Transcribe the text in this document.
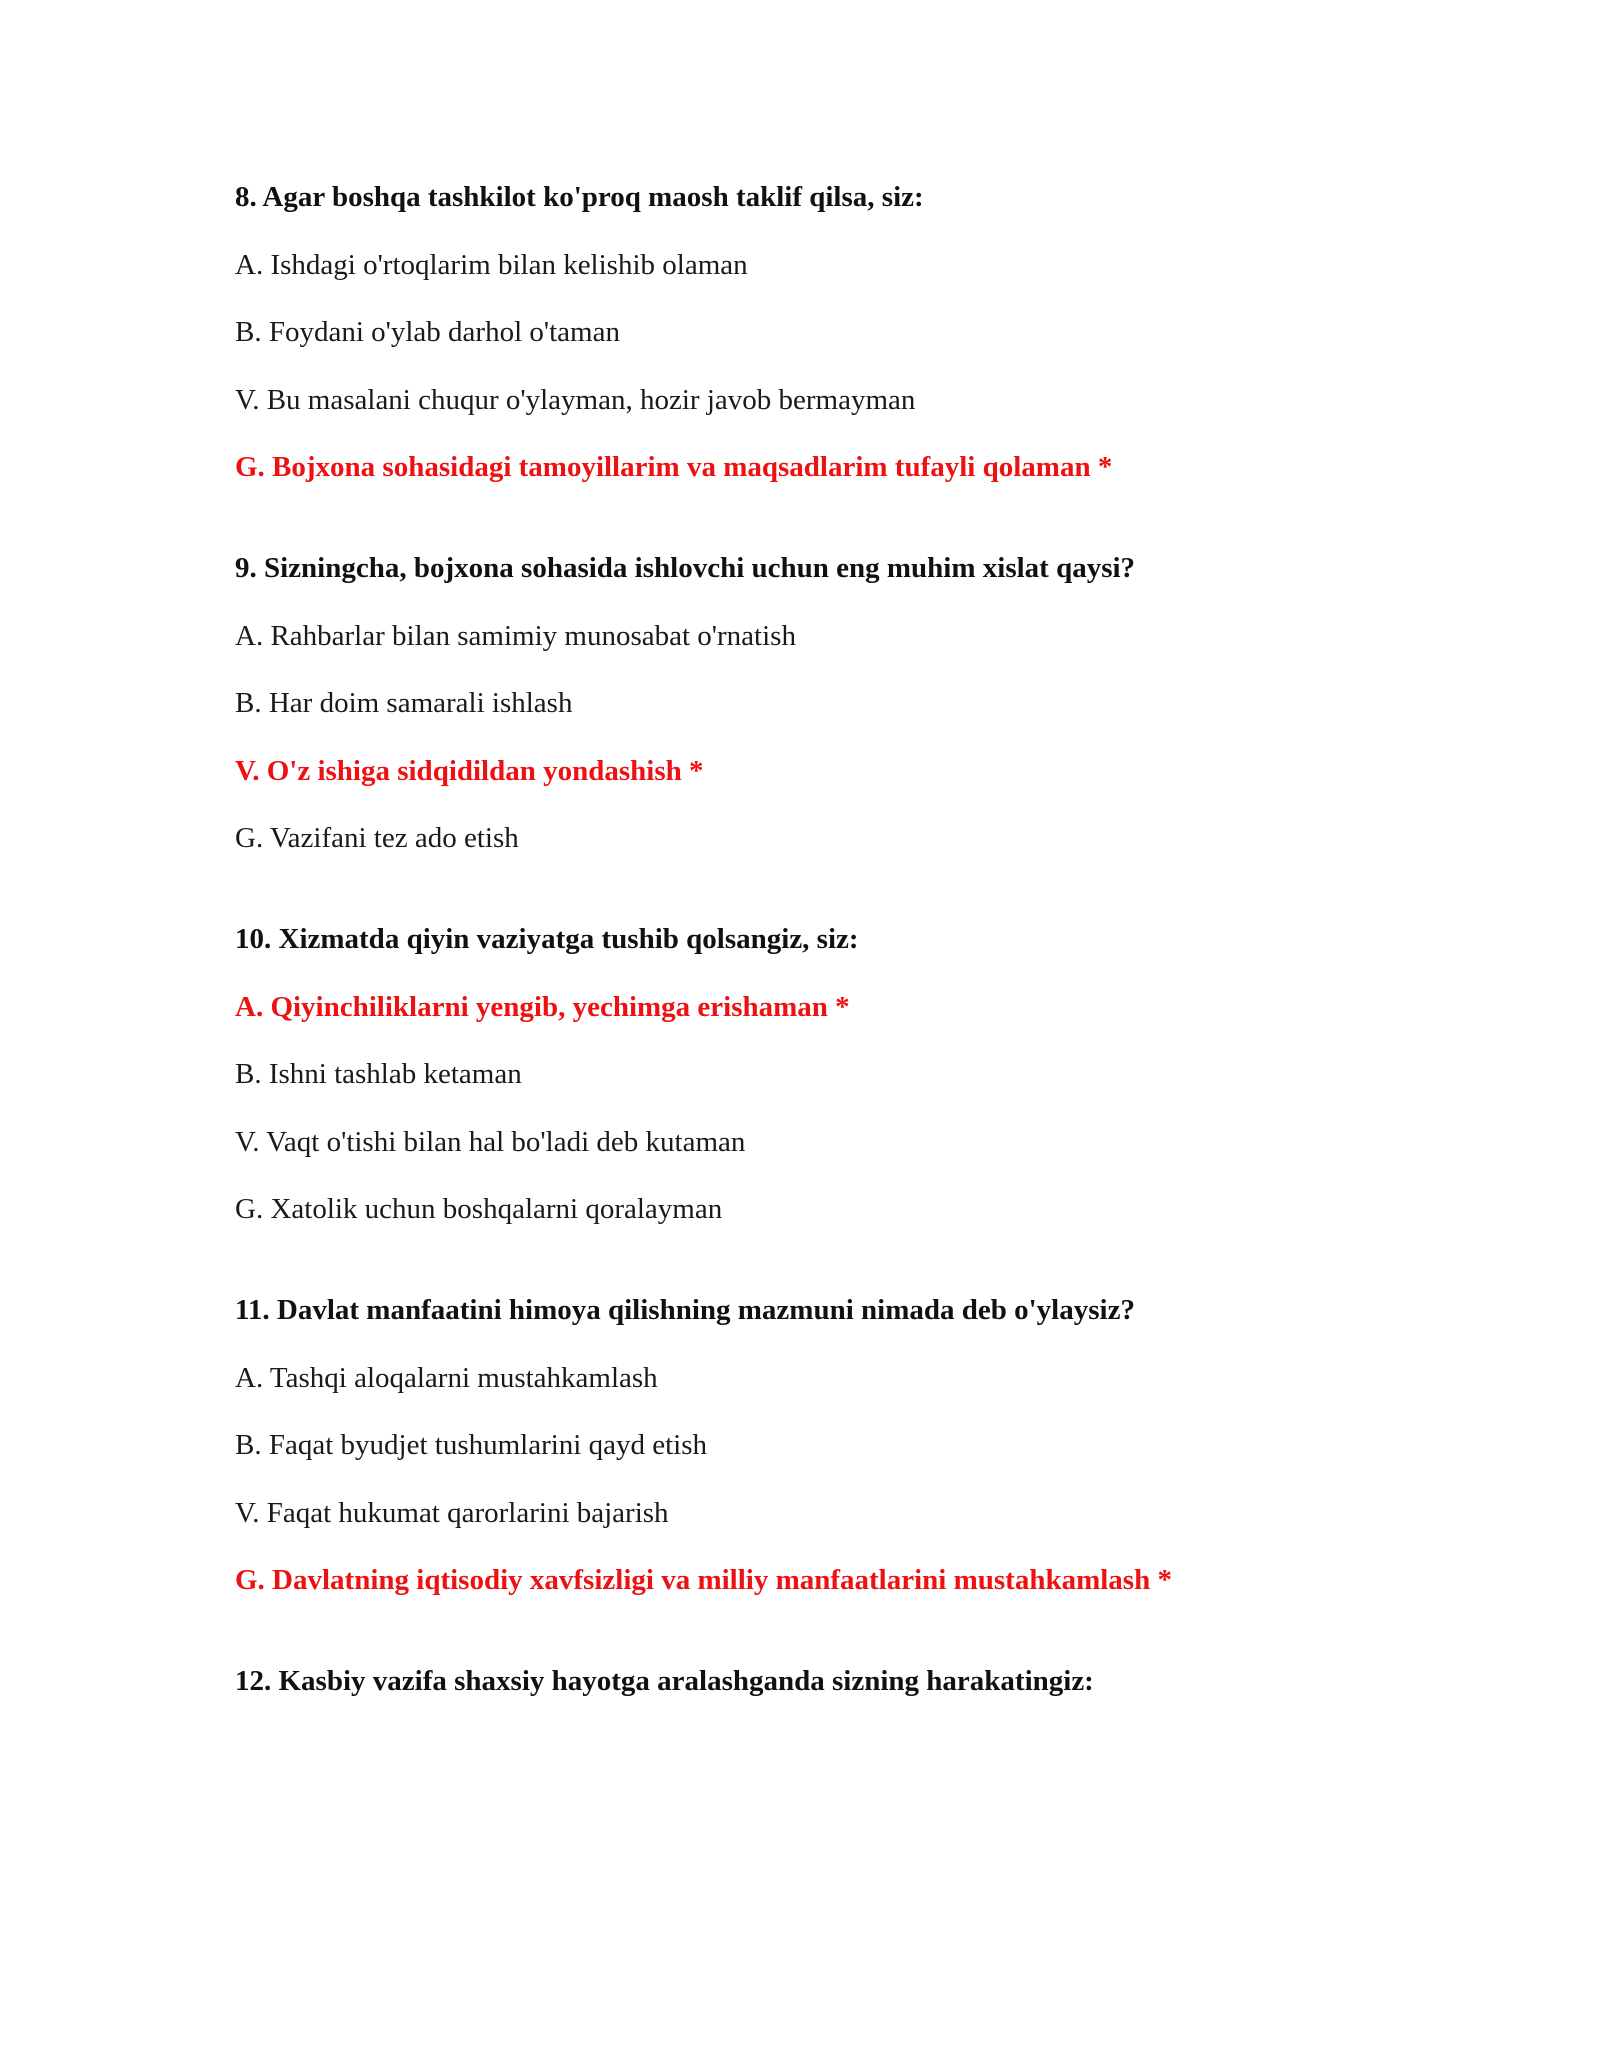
8. Agar boshqa tashkilot ko'proq maosh taklif qilsa, siz:
A. Ishdagi o'rtoqlarim bilan kelishib olaman
B. Foydani o'ylab darhol o'taman
V. Bu masalani chuqur o'ylayman, hozir javob bermayman
G. Bojxona sohasidagi tamoyillarim va maqsadlarim tufayli qolaman *
9. Sizningcha, bojxona sohasida ishlovchi uchun eng muhim xislat qaysi?
A. Rahbarlar bilan samimiy munosabat o'rnatish
B. Har doim samarali ishlash
V. O'z ishiga sidqidildan yondashish *
G. Vazifani tez ado etish
10. Xizmatda qiyin vaziyatga tushib qolsangiz, siz:
A. Qiyinchiliklarni yengib, yechimga erishaman *
B. Ishni tashlab ketaman
V. Vaqt o'tishi bilan hal bo'ladi deb kutaman
G. Xatolik uchun boshqalarni qoralayman
11. Davlat manfaatini himoya qilishning mazmuni nimada deb o'ylaysiz?
A. Tashqi aloqalarni mustahkamlash
B. Faqat byudjet tushumlarini qayd etish
V. Faqat hukumat qarorlarini bajarish
G. Davlatning iqtisodiy xavfsizligi va milliy manfaatlarini mustahkamlash *
12. Kasbiy vazifa shaxsiy hayotga aralashganda sizning harakatingiz:
